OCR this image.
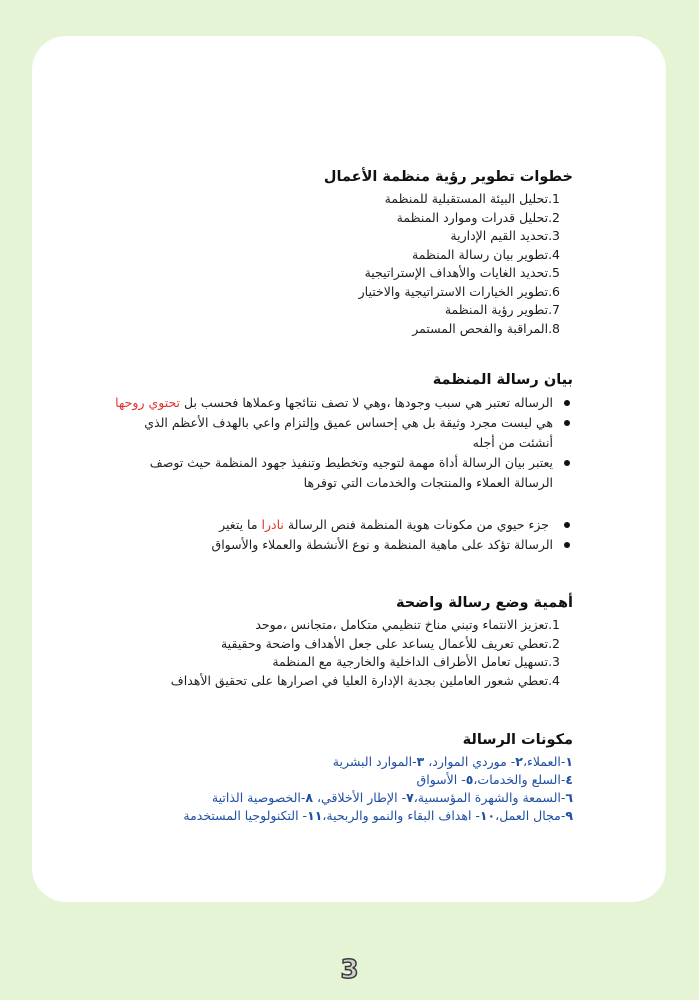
خطوات تطوير رؤية منظمة الأعمال
1.تحليل البيئة المستقبلية للمنظمة
2.تحليل قدرات وموارد المنظمة
3.تحديد القيم الإدارية
4.تطوير بيان رسالة المنظمة
5.تحديد الغايات والأهداف الإستراتيجية
6.تطوير الخيارات الاستراتيجية والاختيار
7.تطوير رؤية المنظمة
8.المراقبة والفحص المستمر
بيان رسالة المنظمة
الرساله تعتبر هي سبب وجودها ،وهي لا تصف نتائجها وعملاها فحسب بل تحتوي روحها
هي ليست مجرد وثيقة بل هي إحساس عميق وإلتزام واعي بالهدف الأعظم الذي أنشئت من أجله
يعتبر بيان الرسالة أداة مهمة لتوجيه وتخطيط وتنفيذ جهود المنظمة حيث توصف الرسالة العملاء والمنتجات والخدمات التي توفرها
جزء حيوي من مكونات هوية المنظمة فنص الرسالة نادرا ما يتغير
الرسالة تؤكد على ماهية المنظمة و نوع الأنشطة والعملاء والأسواق
أهمية وضع رسالة واضحة
1.تعزيز الانتماء وتبني مناخ تنظيمي متكامل ،متجانس ،موحد
2.تعطي تعريف للأعمال يساعد على جعل الأهداف واضحة وحقيقية
3.تسهيل تعامل الأطراف الداخلية والخارجية مع المنظمة
4.تعطي شعور العاملين بجدية الإدارة العليا في اصرارها على تحقيق الأهداف
مكونات الرسالة
١-العملاء،٢- موردي الموارد، ٣-الموارد البشرية
٤-السلع والخدمات،٥- الأسواق
٦-السمعة والشهرة المؤسسية،٧- الإطار الأخلاقي، ٨-الخصوصية الذاتية
٩-مجال العمل،١٠- اهداف البقاء والنمو والربحية،١١- التكنولوجيا المستخدمة
3
